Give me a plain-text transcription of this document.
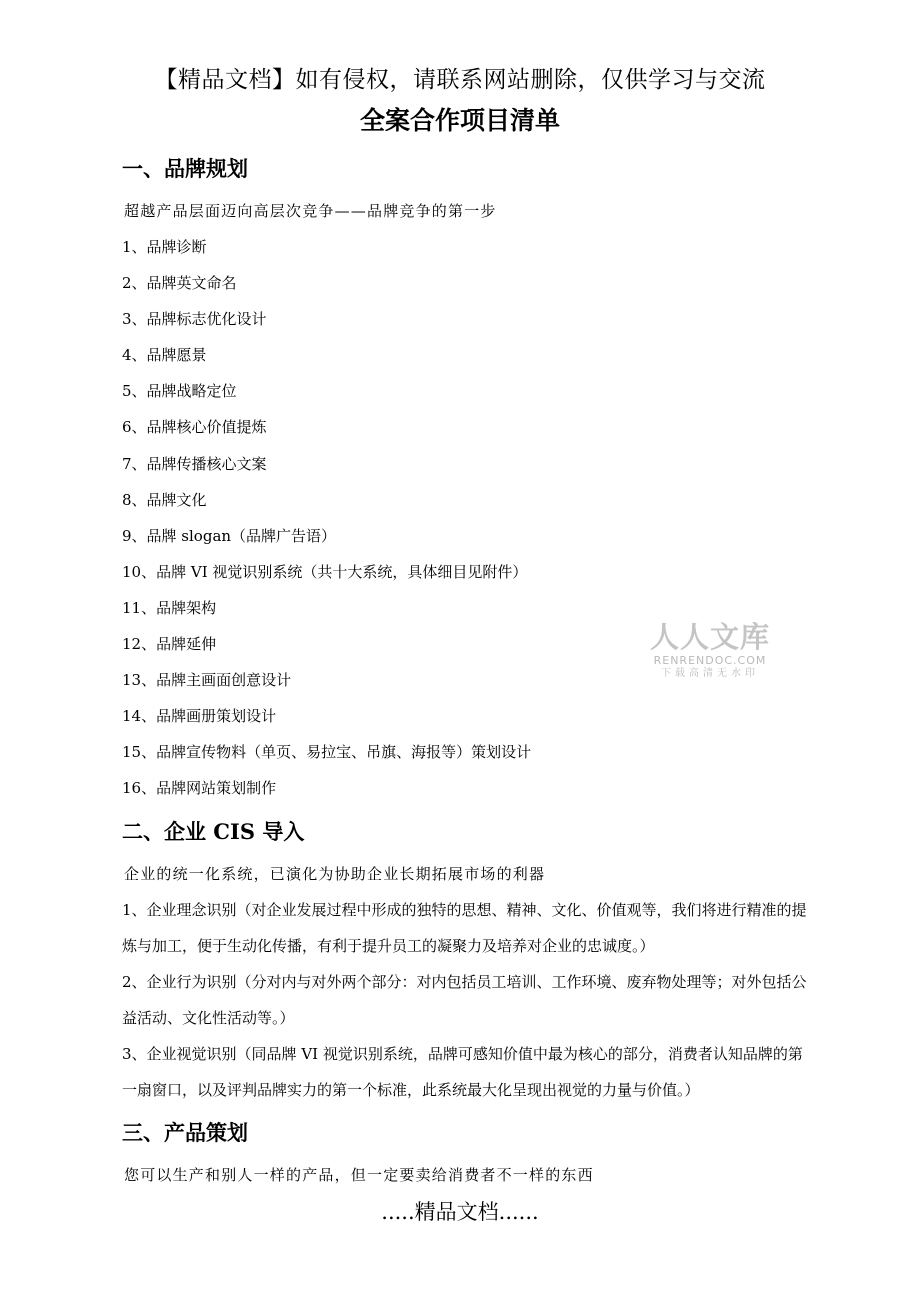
【精品文档】如有侵权，请联系网站删除，仅供学习与交流
全案合作项目清单
一、品牌规划
超越产品层面迈向高层次竞争——品牌竞争的第一步
1、品牌诊断
2、品牌英文命名
3、品牌标志优化设计
4、品牌愿景
5、品牌战略定位
6、品牌核心价值提炼
7、品牌传播核心文案
8、品牌文化
9、品牌 slogan（品牌广告语）
10、品牌 VI 视觉识别系统（共十大系统，具体细目见附件）
11、品牌架构
12、品牌延伸
13、品牌主画面创意设计
14、品牌画册策划设计
15、品牌宣传物料（单页、易拉宝、吊旗、海报等）策划设计
16、品牌网站策划制作
二、企业 CIS 导入
企业的统一化系统，已演化为协助企业长期拓展市场的利器
1、企业理念识别（对企业发展过程中形成的独特的思想、精神、文化、价值观等，我们将进行精准的提炼与加工，便于生动化传播，有利于提升员工的凝聚力及培养对企业的忠诚度。）
2、企业行为识别（分对内与对外两个部分：对内包括员工培训、工作环境、废弃物处理等；对外包括公益活动、文化性活动等。）
3、企业视觉识别（同品牌 VI 视觉识别系统，品牌可感知价值中最为核心的部分，消费者认知品牌的第一扇窗口，以及评判品牌实力的第一个标准，此系统最大化呈现出视觉的力量与价值。）
三、产品策划
您可以生产和别人一样的产品，但一定要卖给消费者不一样的东西
人人文库
RENRENDOC.COM
下载高清无水印
.....精品文档......
